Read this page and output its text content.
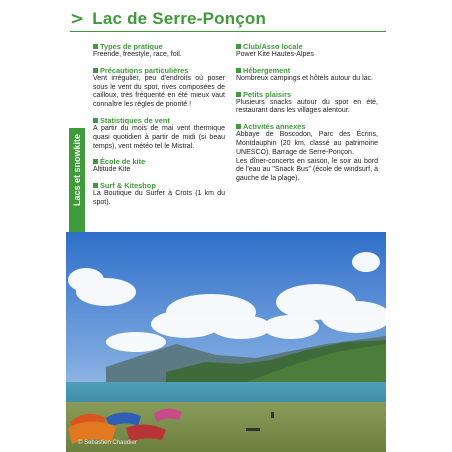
> Lac de Serre-Ponçon
Lacs et snowkite
Types de pratique
Freeride, freestyle, race, foil.
Précautions particulières
Vent irrégulier, peu d'endroits où poser sous le vent du spot, rives composées de cailloux, très fréquenté en été mieux vaut connaître les règles de priorité !
Statistiques de vent
A partir du mois de mai vent thermique quasi quotidien à partir de midi (si beau temps), vent météo tel le Mistral.
École de kite
Altitude Kite
Surf & Kiteshop
La Boutique du Surfer à Crots (1 km du spot).
Club/Asso locale
Power Kite Hautes-Alpes
Hébergement
Nombreux campings et hôtels autour du lac.
Petits plaisirs
Plusieurs snacks autour du spot en été, restaurant dans les villages alentour.
Activités annexes
Abbaye de Boscodon, Parc des Écrins, Montdauphin (20 km, classé au patrimoine UNESCO), Barrage de Serre-Ponçon.
Les dîner-concerts en saison, le soir au bord de l'eau au "Snack Bus" (école de windsurf, à gauche de la plage).
© Sebastien Chaudier
